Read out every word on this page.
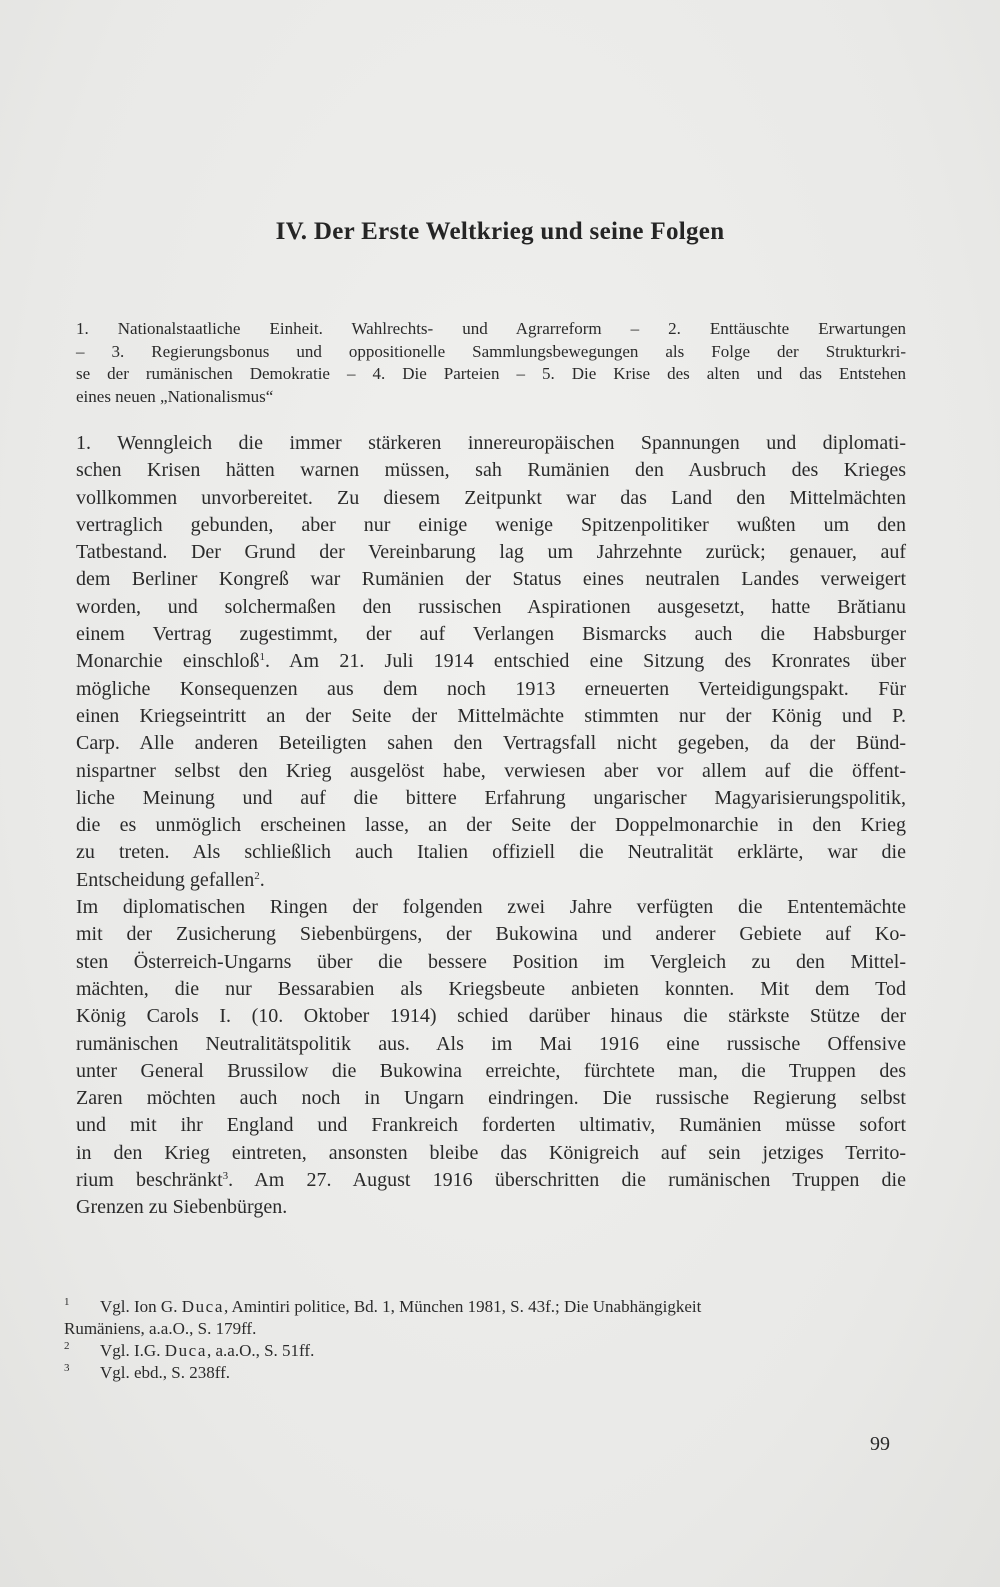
IV. Der Erste Weltkrieg und seine Folgen

1. Nationalstaatliche Einheit. Wahlrechts- und Agrarreform – 2. Enttäuschte Erwartungen
– 3. Regierungsbonus und oppositionelle Sammlungsbewegungen als Folge der Strukturkri-
se der rumänischen Demokratie – 4. Die Parteien – 5. Die Krise des alten und das Entstehen
eines neuen „Nationalismus“

1. Wenngleich die immer stärkeren innereuropäischen Spannungen und diplomati-
schen Krisen hätten warnen müssen, sah Rumänien den Ausbruch des Krieges
vollkommen unvorbereitet. Zu diesem Zeitpunkt war das Land den Mittelmächten
vertraglich gebunden, aber nur einige wenige Spitzenpolitiker wußten um den
Tatbestand. Der Grund der Vereinbarung lag um Jahrzehnte zurück; genauer, auf
dem Berliner Kongreß war Rumänien der Status eines neutralen Landes verweigert
worden, und solchermaßen den russischen Aspirationen ausgesetzt, hatte Brătianu
einem Vertrag zugestimmt, der auf Verlangen Bismarcks auch die Habsburger
Monarchie einschloß$^1$. Am 21. Juli 1914 entschied eine Sitzung des Kronrates über
mögliche Konsequenzen aus dem noch 1913 erneuerten Verteidigungspakt. Für
einen Kriegseintritt an der Seite der Mittelmächte stimmten nur der König und P.
Carp. Alle anderen Beteiligten sahen den Vertragsfall nicht gegeben, da der Bünd-
nispartner selbst den Krieg ausgelöst habe, verwiesen aber vor allem auf die öffent-
liche Meinung und auf die bittere Erfahrung ungarischer Magyarisierungspolitik,
die es unmöglich erscheinen lasse, an der Seite der Doppelmonarchie in den Krieg
zu treten. Als schließlich auch Italien offiziell die Neutralität erklärte, war die
Entscheidung gefallen$^2$.
Im diplomatischen Ringen der folgenden zwei Jahre verfügten die Ententemächte
mit der Zusicherung Siebenbürgens, der Bukowina und anderer Gebiete auf Ko-
sten Österreich-Ungarns über die bessere Position im Vergleich zu den Mittel-
mächten, die nur Bessarabien als Kriegsbeute anbieten konnten. Mit dem Tod
König Carols I. (10. Oktober 1914) schied darüber hinaus die stärkste Stütze der
rumänischen Neutralitätspolitik aus. Als im Mai 1916 eine russische Offensive
unter General Brussilow die Bukowina erreichte, fürchtete man, die Truppen des
Zaren möchten auch noch in Ungarn eindringen. Die russische Regierung selbst
und mit ihr England und Frankreich forderten ultimativ, Rumänien müsse sofort
in den Krieg eintreten, ansonsten bleibe das Königreich auf sein jetziges Territo-
rium beschränkt$^3$. Am 27. August 1916 überschritten die rumänischen Truppen die
Grenzen zu Siebenbürgen.
1 Vgl. Ion G. Duca, Amintiri politice, Bd. 1, München 1981, S. 43f.; Die Unabhängigkeit
Rumäniens, a.a.O., S. 179ff.
2 Vgl. I.G. Duca, a.a.O., S. 51ff.
3 Vgl. ebd., S. 238ff.

99
